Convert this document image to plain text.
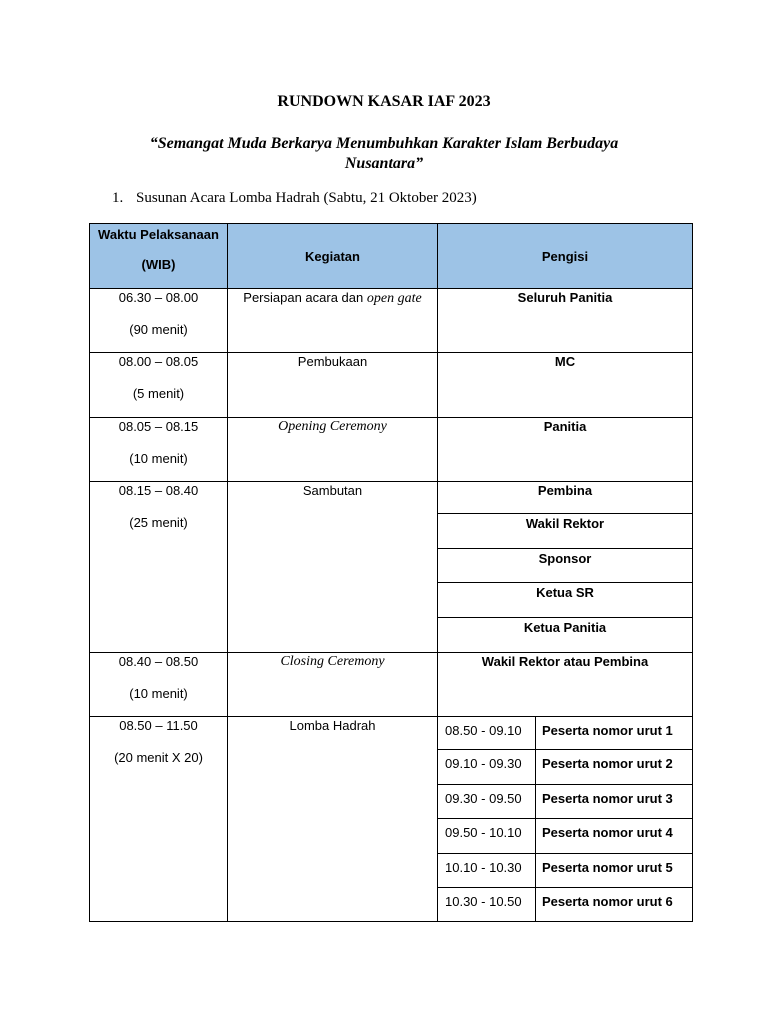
RUNDOWN KASAR IAF 2023
“Semangat Muda Berkarya Menumbuhkan Karakter Islam Berbudaya Nusantara”
1. Susunan Acara Lomba Hadrah (Sabtu, 21 Oktober 2023)
Waktu Pelaksanaan
(WIB)	Kegiatan	Pengisi	

06.30 – 08.00
(90 menit)	Persiapan acara dan open gate	Seluruh Panitia	

08.00 – 08.05
(5 menit)	Pembukaan	MC	

08.05 – 08.15
(10 menit)	Opening Ceremony	Panitia	

08.15 – 08.40
(25 menit)	Sambutan	Pembina	
		Wakil Rektor	
		Sponsor	
		Ketua SR	
		Ketua Panitia	

08.40 – 08.50
(10 menit)	Closing Ceremony	Wakil Rektor atau Pembina	

08.50 – 11.50
(20 menit X 20)	Lomba Hadrah	08.50 - 09.10	Peserta nomor urut 1
		09.10 - 09.30	Peserta nomor urut 2
		09.30 - 09.50	Peserta nomor urut 3
		09.50 - 10.10	Peserta nomor urut 4
		10.10 - 10.30	Peserta nomor urut 5
		10.30 - 10.50	Peserta nomor urut 6
